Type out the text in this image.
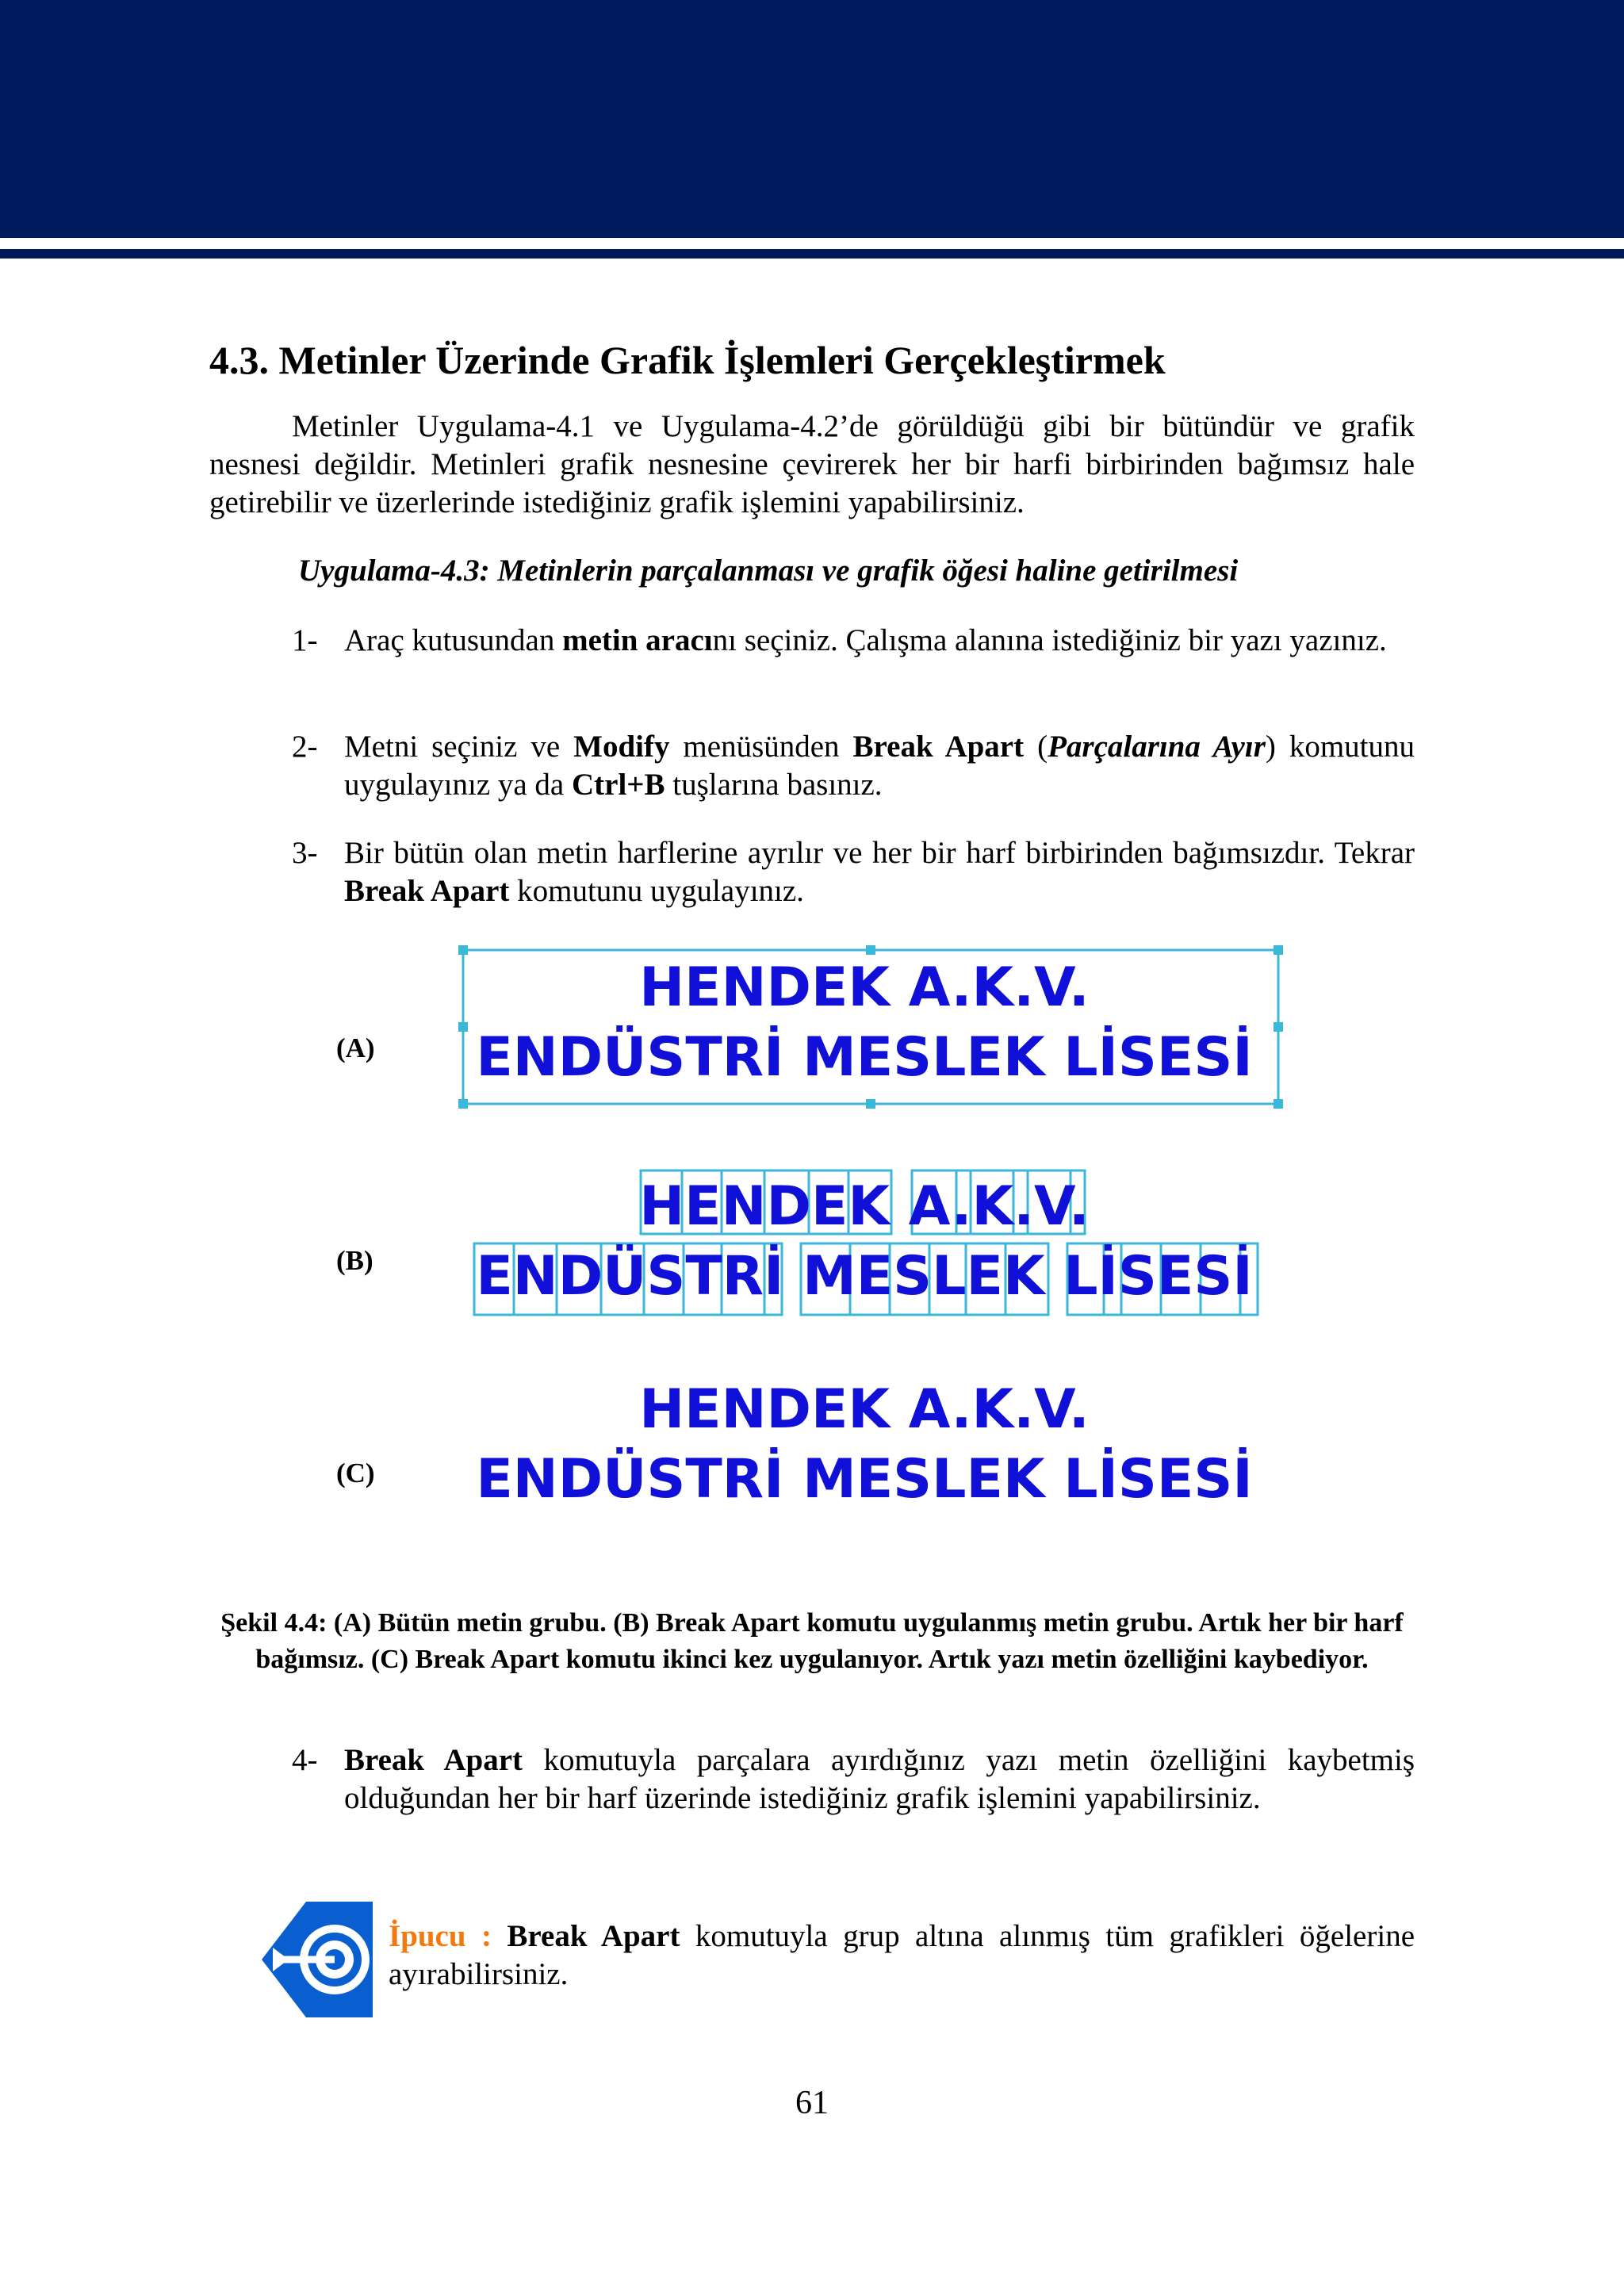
4.3. Metinler Üzerinde Grafik İşlemleri Gerçekleştirmek

Metinler Uygulama-4.1 ve Uygulama-4.2’de görüldüğü gibi bir bütündür ve grafik nesnesi değildir. Metinleri grafik nesnesine çevirerek her bir harfi birbirinden bağımsız hale getirebilir ve üzerlerinde istediğiniz grafik işlemini yapabilirsiniz.

Uygulama-4.3: Metinlerin parçalanması ve grafik öğesi haline getirilmesi

1- Araç kutusundan metin aracını seçiniz. Çalışma alanına istediğiniz bir yazı yazınız.
2- Metni seçiniz ve Modify menüsünden Break Apart (Parçalarına Ayır) komutunu uygulayınız ya da Ctrl+B tuşlarına basınız.
3- Bir bütün olan metin harflerine ayrılır ve her bir harf birbirinden bağımsızdır. Tekrar Break Apart komutunu uygulayınız.
(A)
(B)
(C)
HENDEK A.K.V.
ENDÜSTRİ MESLEK LİSESİ
HENDEK A.K.V.
ENDÜSTRİ MESLEK LİSESİ
HENDEK A.K.V.
ENDÜSTRİ MESLEK LİSESİ

Şekil 4.4: (A) Bütün metin grubu. (B) Break Apart komutu uygulanmış metin grubu. Artık her bir harf bağımsız. (C) Break Apart komutu ikinci kez uygulanıyor. Artık yazı metin özelliğini kaybediyor.

4- Break Apart komutuyla parçalara ayırdığınız yazı metin özelliğini kaybetmiş olduğundan her bir harf üzerinde istediğiniz grafik işlemini yapabilirsiniz.
İpucu : Break Apart komutuyla grup altına alınmış tüm grafikleri öğelerine ayırabilirsiniz.
61
